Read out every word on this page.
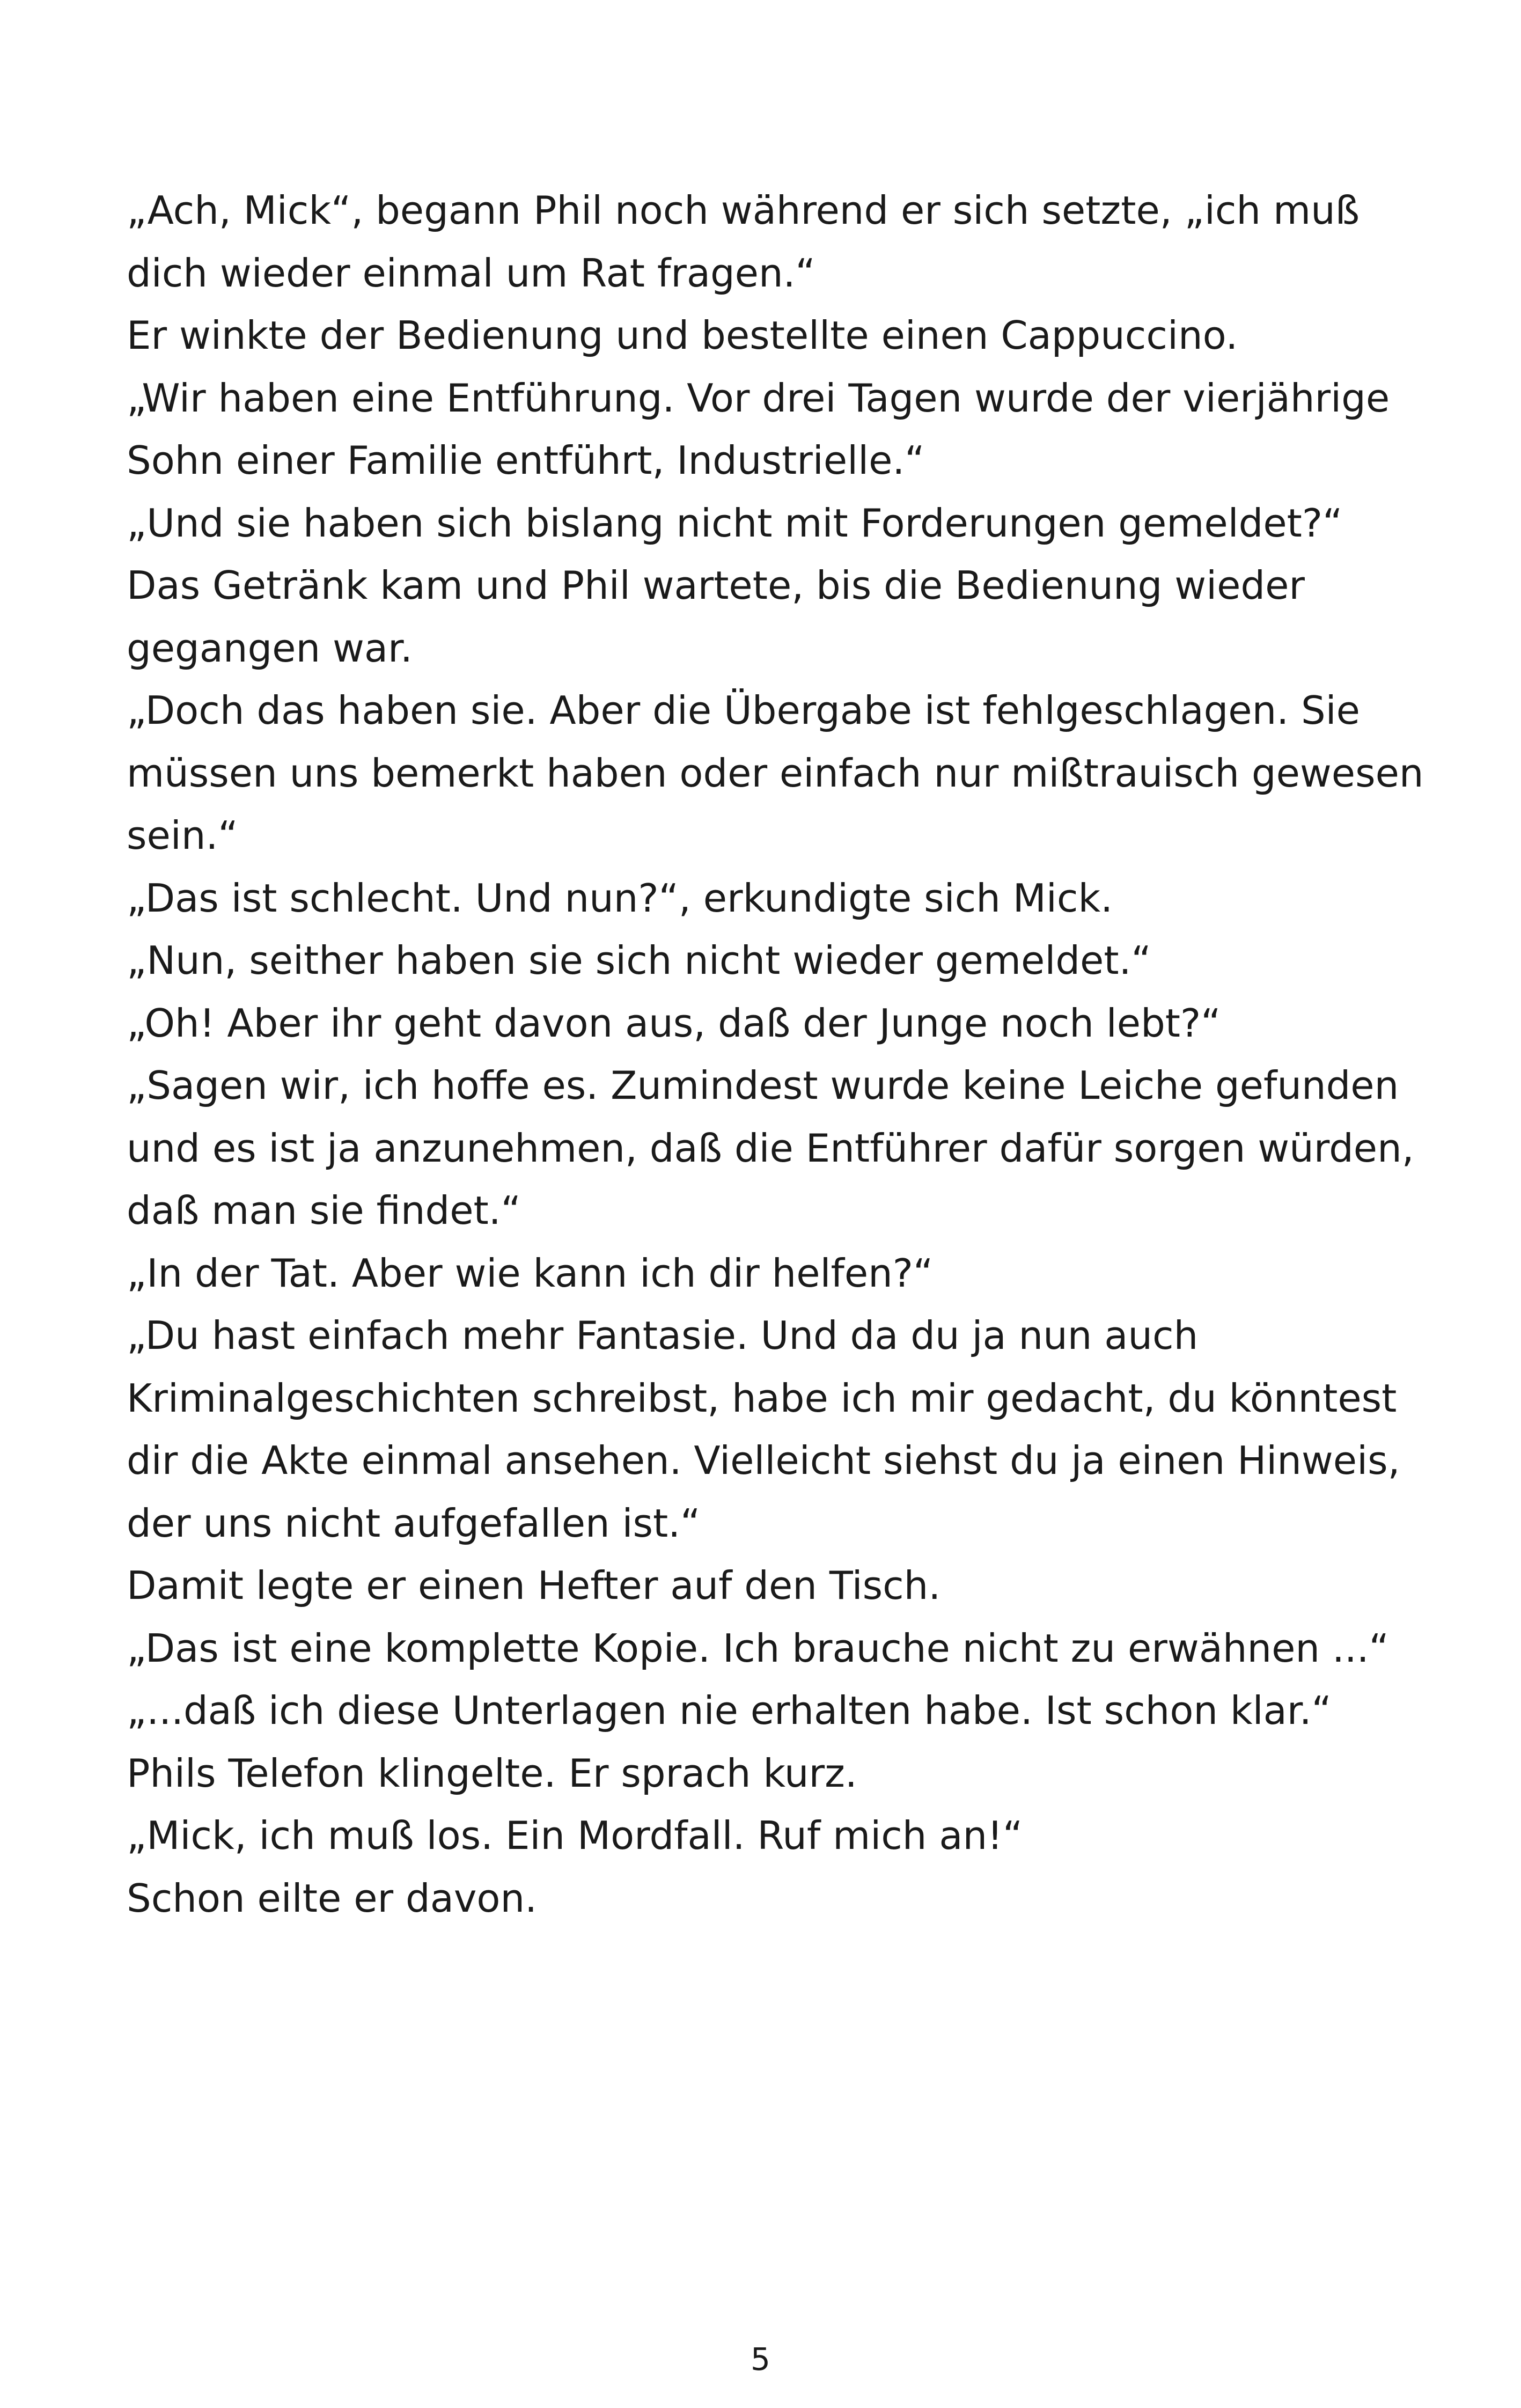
„Ach, Mick“, begann Phil noch während er sich setzte, „ich muß
dich wieder einmal um Rat fragen.“
Er winkte der Bedienung und bestellte einen Cappuccino.
„Wir haben eine Entführung. Vor drei Tagen wurde der vierjährige
Sohn einer Familie entführt, Industrielle.“
„Und sie haben sich bislang nicht mit Forderungen gemeldet?“
Das Getränk kam und Phil wartete, bis die Bedienung wieder
gegangen war.
„Doch das haben sie. Aber die Übergabe ist fehlgeschlagen. Sie
müssen uns bemerkt haben oder einfach nur mißtrauisch gewesen
sein.“
„Das ist schlecht. Und nun?“, erkundigte sich Mick.
„Nun, seither haben sie sich nicht wieder gemeldet.“
„Oh! Aber ihr geht davon aus, daß der Junge noch lebt?“
„Sagen wir, ich hoffe es. Zumindest wurde keine Leiche gefunden
und es ist ja anzunehmen, daß die Entführer dafür sorgen würden,
daß man sie findet.“
„In der Tat. Aber wie kann ich dir helfen?“
„Du hast einfach mehr Fantasie. Und da du ja nun auch
Kriminalgeschichten schreibst, habe ich mir gedacht, du könntest
dir die Akte einmal ansehen. Vielleicht siehst du ja einen Hinweis,
der uns nicht aufgefallen ist.“
Damit legte er einen Hefter auf den Tisch.
„Das ist eine komplette Kopie. Ich brauche nicht zu erwähnen ...“
„...daß ich diese Unterlagen nie erhalten habe. Ist schon klar.“
Phils Telefon klingelte. Er sprach kurz.
„Mick, ich muß los. Ein Mordfall. Ruf mich an!“
Schon eilte er davon.
5
